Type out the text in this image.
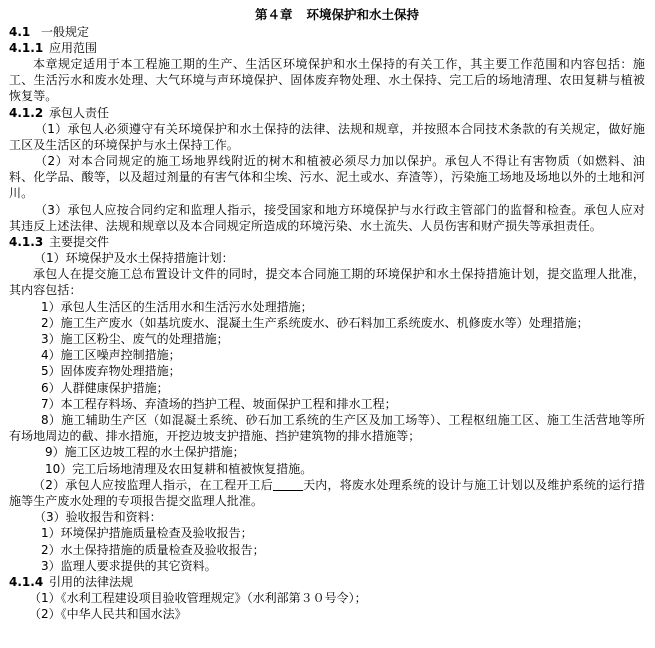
第４章 环境保护和水土保持
4.1 一般规定
4.1.1 应用范围
本章规定适用于本工程施工期的生产、生活区环境保护和水土保持的有关工作，其主要工作范围和内容包括：施工、生活污水和废水处理、大气环境与声环境保护、固体废弃物处理、水土保持、完工后的场地清理、农田复耕与植被恢复等。
4.1.2 承包人责任
（1）承包人必须遵守有关环境保护和水土保持的法律、法规和规章，并按照本合同技术条款的有关规定，做好施工区及生活区的环境保护与水土保持工作。
（2）对本合同规定的施工场地界线附近的树木和植被必须尽力加以保护。承包人不得让有害物质（如燃料、油料、化学品、酸等，以及超过剂量的有害气体和尘埃、污水、泥土或水、弃渣等），污染施工场地及场地以外的土地和河川。
（3）承包人应按合同约定和监理人指示，接受国家和地方环境保护与水行政主管部门的监督和检查。承包人应对其违反上述法律、法规和规章以及本合同规定所造成的环境污染、水土流失、人员伤害和财产损失等承担责任。
4.1.3 主要提交件
（1）环境保护及水土保持措施计划：
承包人在提交施工总布置设计文件的同时，提交本合同施工期的环境保护和水土保持措施计划，提交监理人批准，其内容包括：
1）承包人生活区的生活用水和生活污水处理措施；
2）施工生产废水（如基坑废水、混凝土生产系统废水、砂石料加工系统废水、机修废水等）处理措施；
3）施工区粉尘、废气的处理措施；
4）施工区噪声控制措施；
5）固体废弃物处理措施；
6）人群健康保护措施；
7）本工程存料场、弃渣场的挡护工程、坡面保护工程和排水工程；
8）施工辅助生产区（如混凝土系统、砂石加工系统的生产区及加工场等）、工程枢纽施工区、施工生活营地等所有场地周边的截、排水措施，开挖边坡支护措施、挡护建筑物的排水措施等；
9）施工区边坡工程的水土保护措施；
10）完工后场地清理及农田复耕和植被恢复措施。
（2）承包人应按监理人指示，在工程开工后	天内，将废水处理系统的设计与施工计划以及维护系统的运行措施等生产废水处理的专项报告提交监理人批准。
（3）验收报告和资料：
1）环境保护措施质量检查及验收报告；
2）水土保持措施的质量检查及验收报告；
3）监理人要求提供的其它资料。
4.1.4 引用的法律法规
（1）《水利工程建设项目验收管理规定》（水利部第３０号令）；
（2）《中华人民共和国水法》
